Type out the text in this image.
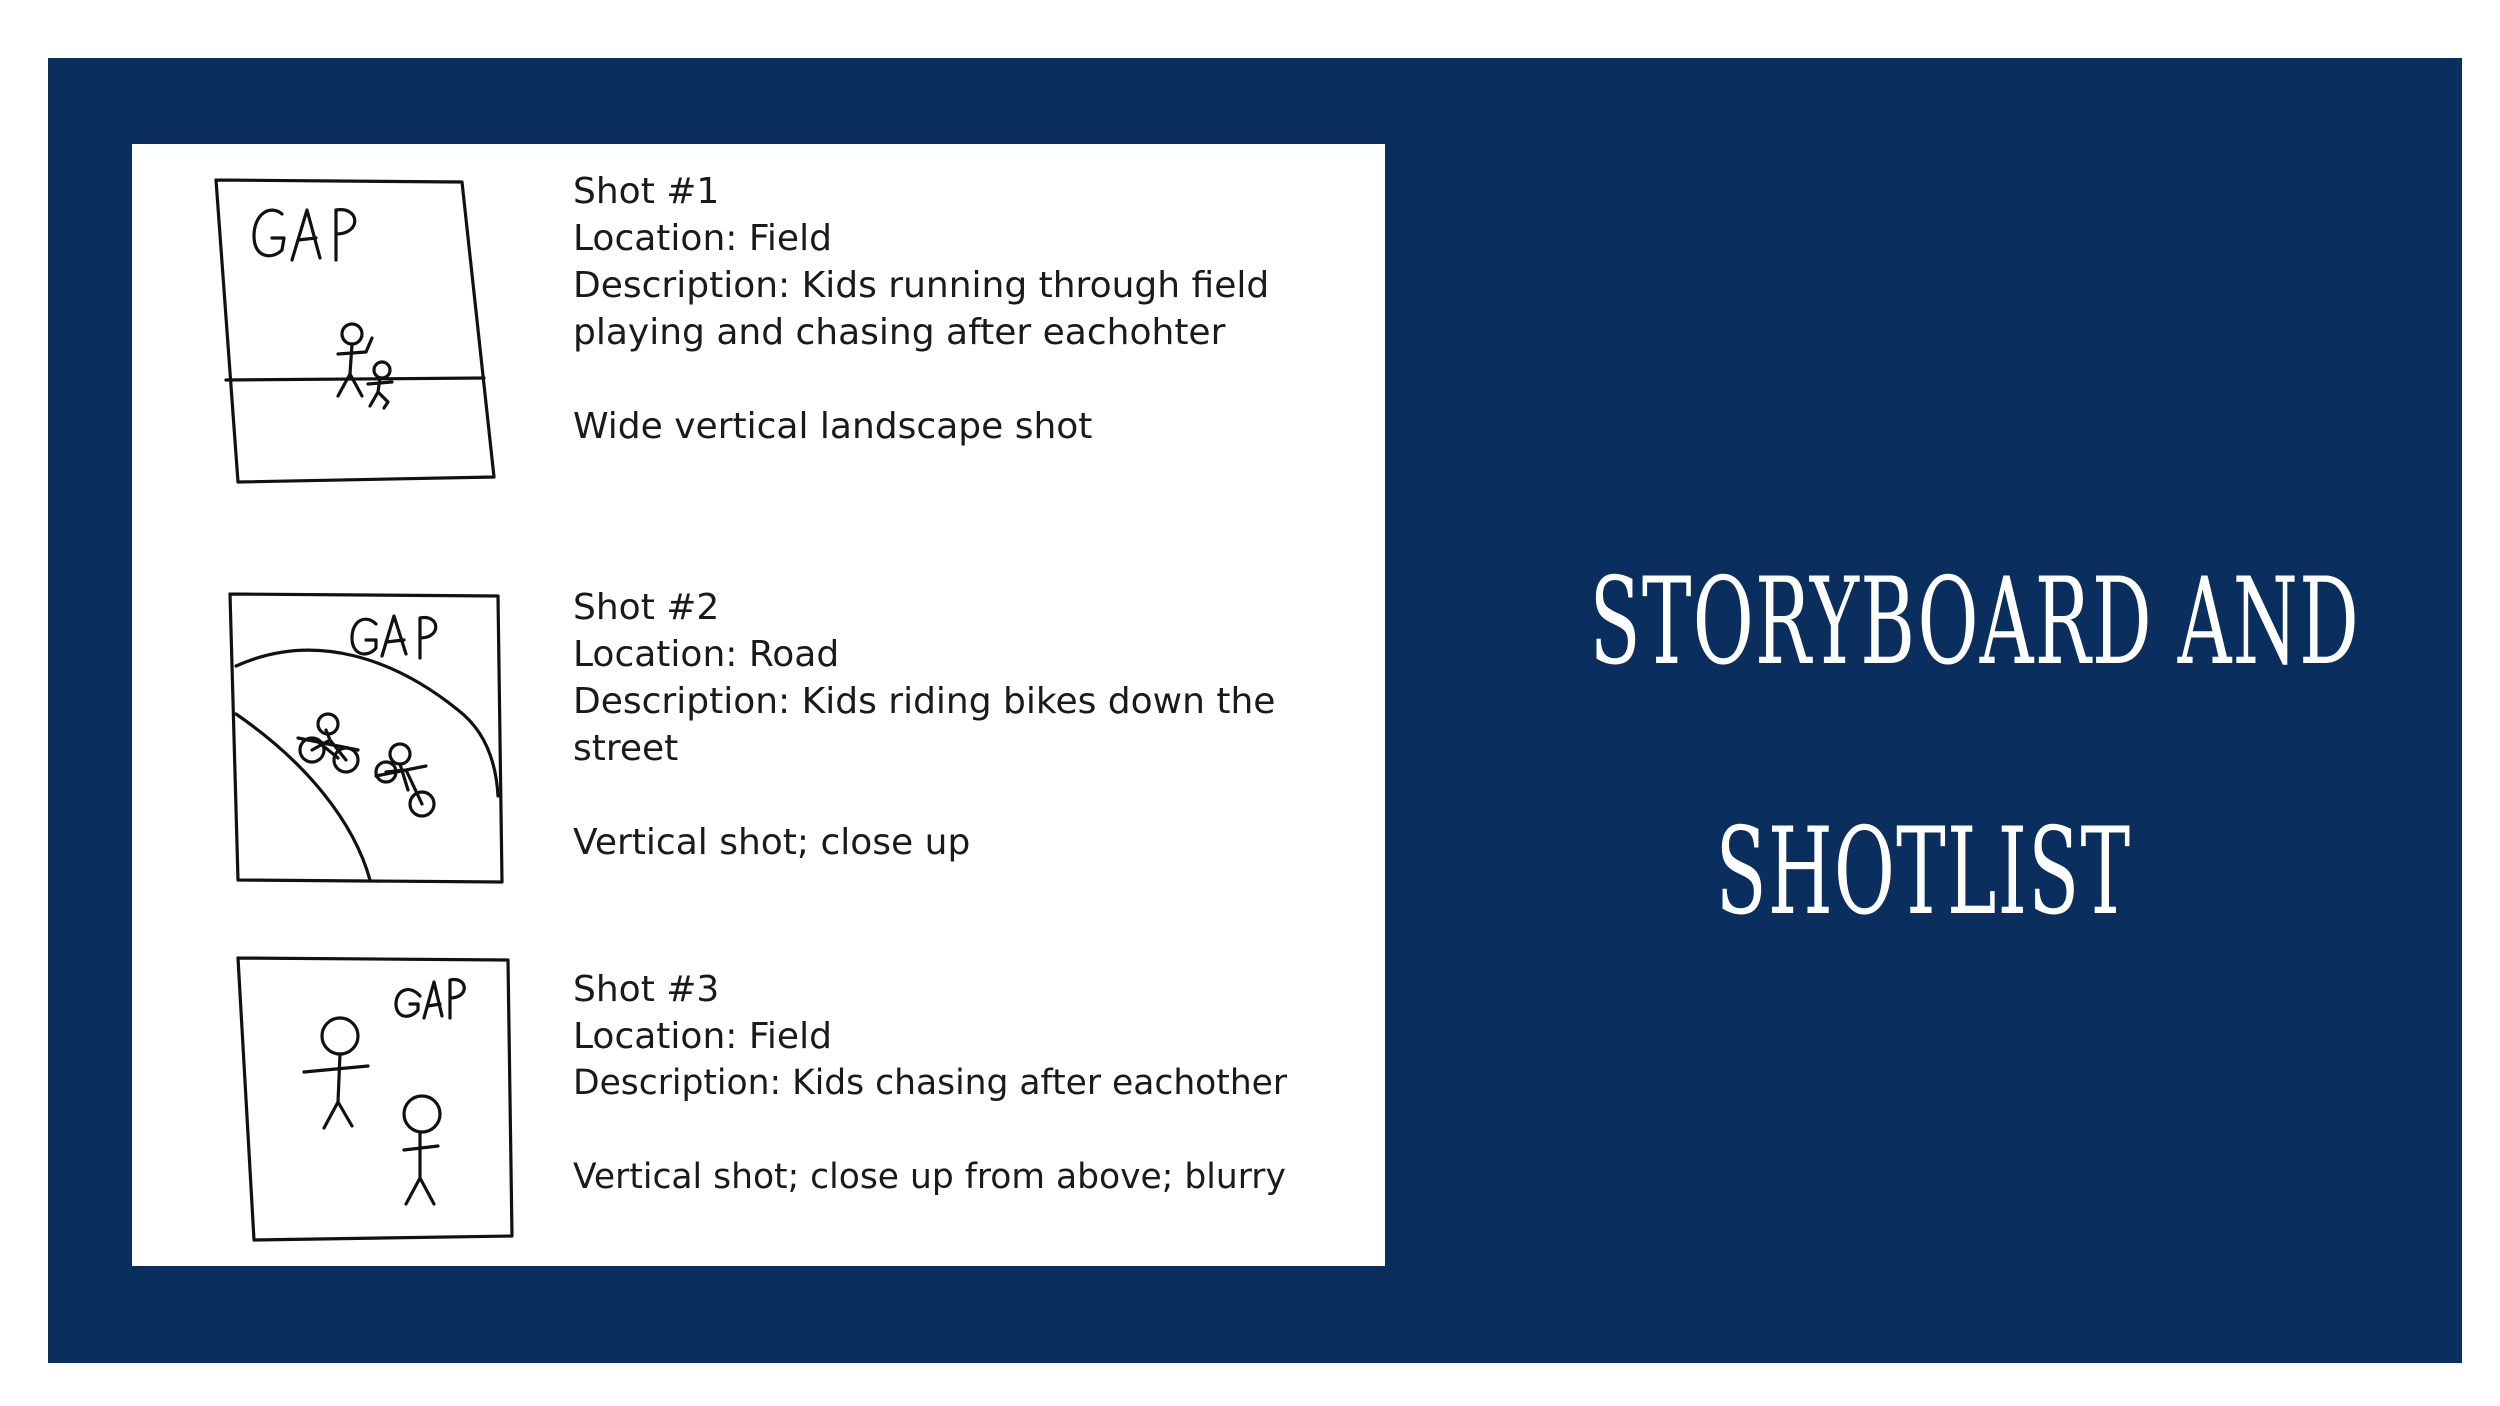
Shot #1
Location: Field
Description: Kids running through field playing and chasing after eachohter
Wide vertical landscape shot
Shot #2
Location: Road
Description: Kids riding bikes down the street
Vertical shot; close up
Shot #3
Location: Field
Description: Kids chasing after eachother
Vertical shot; close up from above; blurry
STORYBOARD AND
SHOTLIST
